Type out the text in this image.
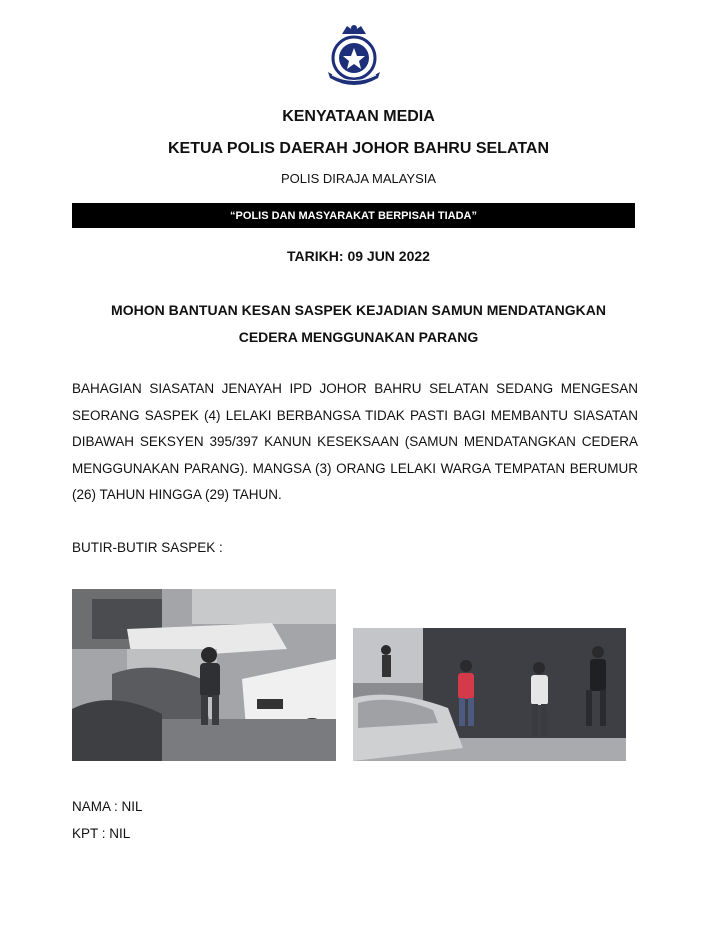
KENYATAAN MEDIA
KETUA POLIS DAERAH JOHOR BAHRU SELATAN
POLIS DIRAJA MALAYSIA
“POLIS DAN MASYARAKAT BERPISAH TIADA”
TARIKH: 09 JUN 2022
MOHON BANTUAN KESAN SASPEK KEJADIAN SAMUN MENDATANGKAN
CEDERA MENGGUNAKAN PARANG
BAHAGIAN SIASATAN JENAYAH IPD JOHOR BAHRU SELATAN SEDANG MENGESAN SEORANG SASPEK (4) LELAKI BERBANGSA TIDAK PASTI BAGI MEMBANTU SIASATAN DIBAWAH SEKSYEN 395/397 KANUN KESEKSAAN (SAMUN MENDATANGKAN CEDERA MENGGUNAKAN PARANG). MANGSA (3) ORANG LELAKI WARGA TEMPATAN BERUMUR (26) TAHUN HINGGA (29) TAHUN.
BUTIR-BUTIR SASPEK :
NAMA : NIL
KPT : NIL
